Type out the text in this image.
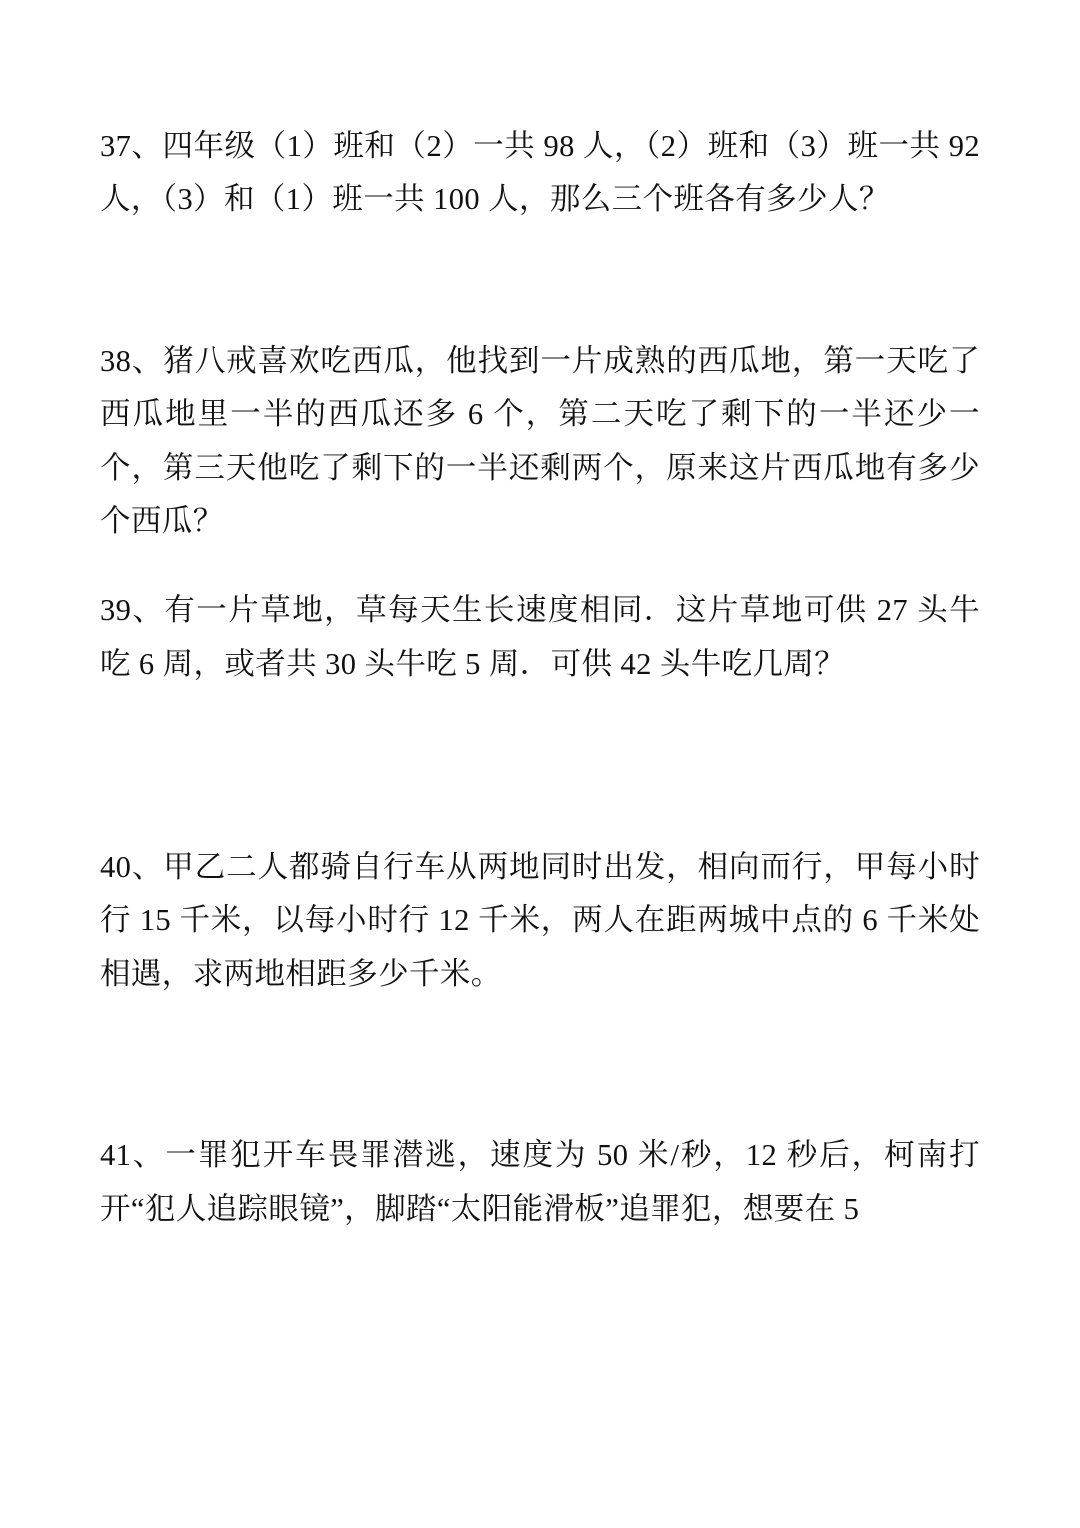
37、四年级（1）班和（2）一共 98 人，（2）班和（3）班一共 92 人，（3）和（1）班一共 100 人，那么三个班各有多少人？
38、猪八戒喜欢吃西瓜，他找到一片成熟的西瓜地，第一天吃了西瓜地里一半的西瓜还多 6 个，第二天吃了剩下的一半还少一个，第三天他吃了剩下的一半还剩两个，原来这片西瓜地有多少个西瓜？
39、有一片草地，草每天生长速度相同．这片草地可供 27 头牛吃 6 周，或者共 30 头牛吃 5 周．可供 42 头牛吃几周？
40、甲乙二人都骑自行车从两地同时出发，相向而行，甲每小时行 15 千米，以每小时行 12 千米，两人在距两城中点的 6 千米处相遇，求两地相距多少千米。
41、一罪犯开车畏罪潜逃，速度为 50 米/秒，12 秒后，柯南打开“犯人追踪眼镜”，脚踏“太阳能滑板”追罪犯，想要在 5
